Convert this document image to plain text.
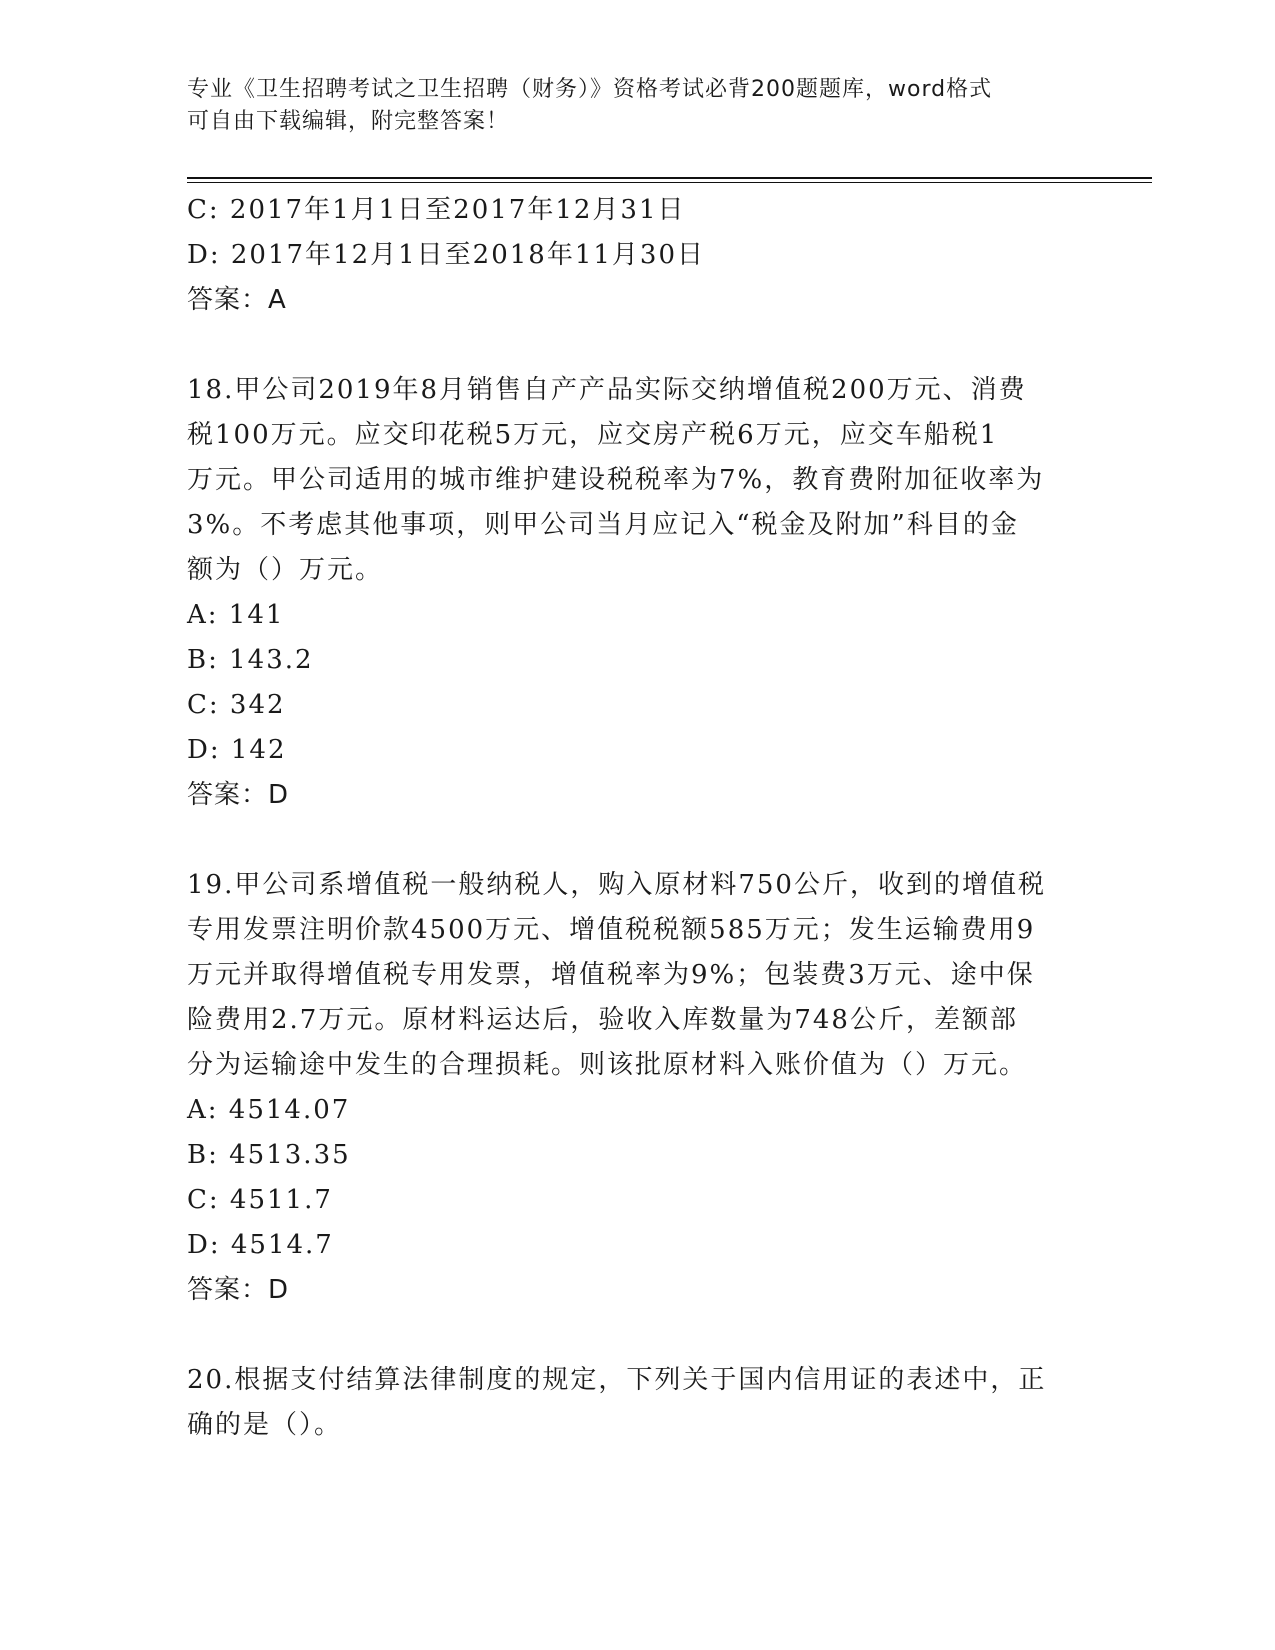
专业《卫生招聘考试之卫生招聘（财务）》资格考试必背200题题库，word格式
可自由下载编辑，附完整答案！
C: 2017年1月1日至2017年12月31日
D: 2017年12月1日至2018年11月30日
答案：A
18.甲公司2019年8月销售自产产品实际交纳增值税200万元、消费
税100万元。应交印花税5万元，应交房产税6万元，应交车船税1
万元。甲公司适用的城市维护建设税税率为7%，教育费附加征收率为
3%。不考虑其他事项，则甲公司当月应记入“税金及附加”科目的金
额为（）万元。
A: 141
B: 143.2
C: 342
D: 142
答案：D
19.甲公司系增值税一般纳税人，购入原材料750公斤，收到的增值税
专用发票注明价款4500万元、增值税税额585万元；发生运输费用9
万元并取得增值税专用发票，增值税率为9%；包装费3万元、途中保
险费用2.7万元。原材料运达后，验收入库数量为748公斤，差额部
分为运输途中发生的合理损耗。则该批原材料入账价值为（）万元。
A: 4514.07
B: 4513.35
C: 4511.7
D: 4514.7
答案：D
20.根据支付结算法律制度的规定，下列关于国内信用证的表述中，正
确的是（）。
